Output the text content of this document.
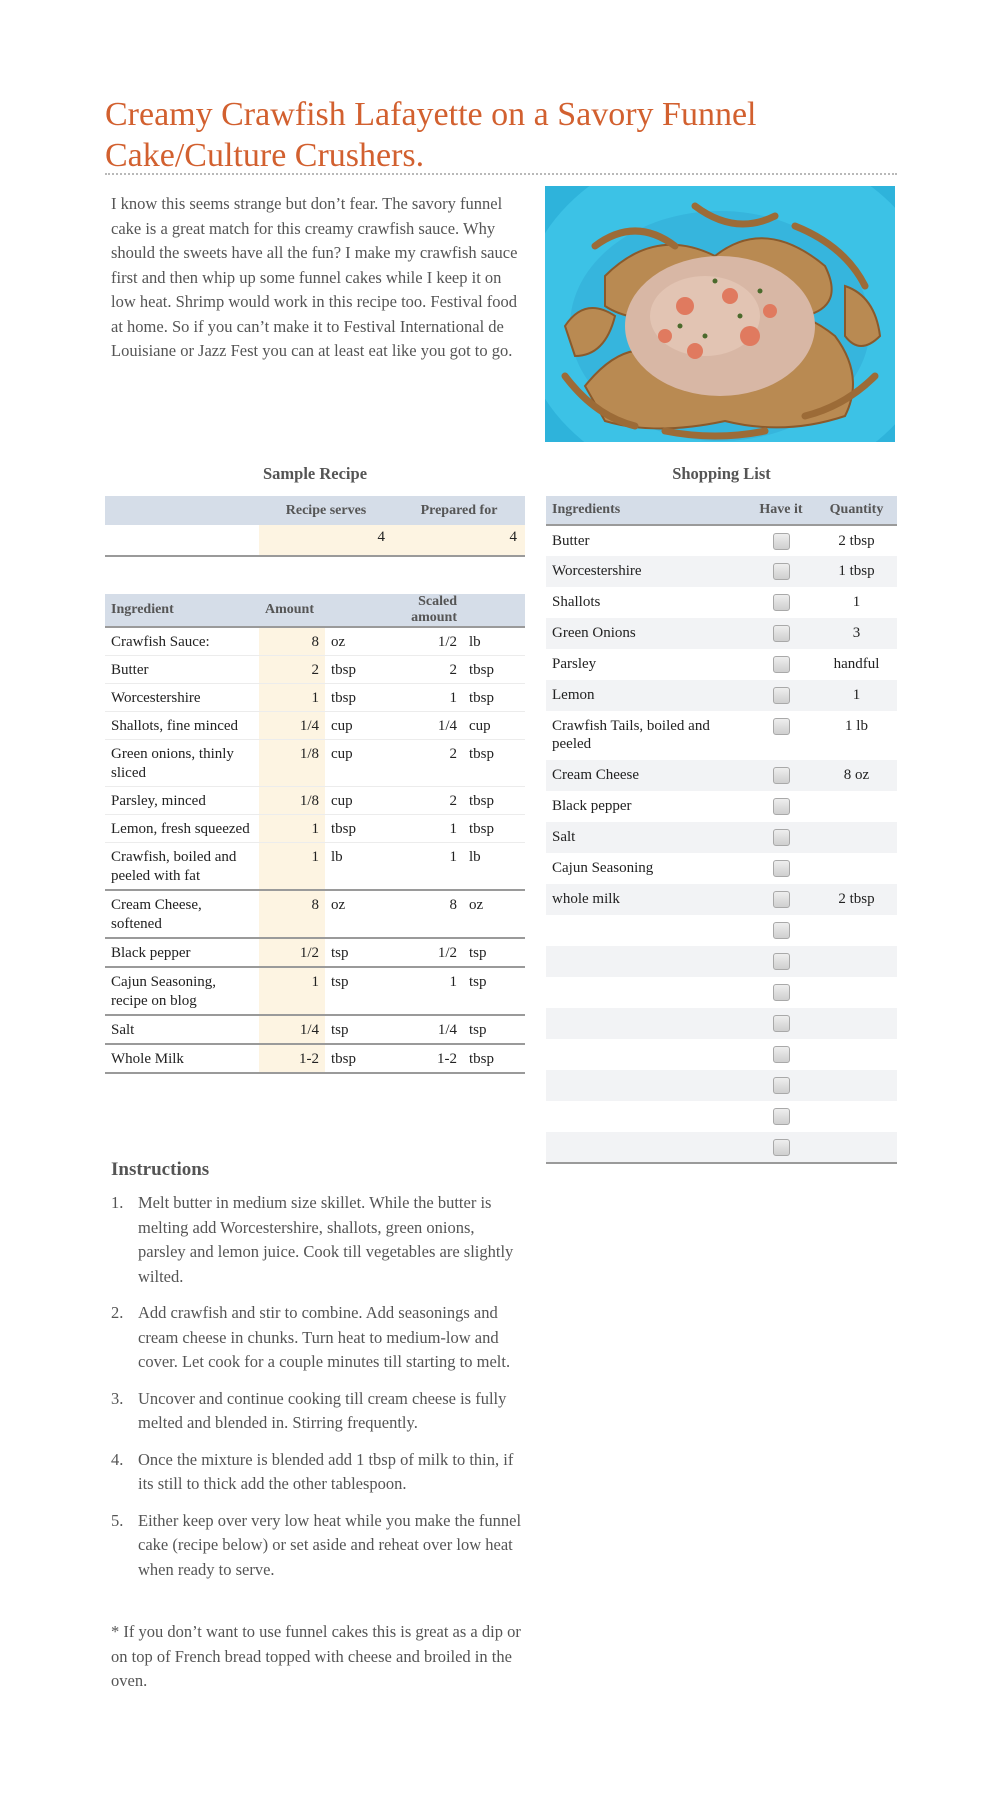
Creamy Crawfish Lafayette on a Savory Funnel Cake/Culture Crushers.

I know this seems strange but don’t fear. The savory funnel cake is a great match for this creamy crawfish sauce. Why should the sweets have all the fun? I make my crawfish sauce first and then whip up some funnel cakes while I keep it on low heat. Shrimp would work in this recipe too. Festival food at home. So if you can’t make it to Festival International de Louisiane or Jazz Fest you can at least eat like you got to go.

Sample Recipe	Shopping List
	Recipe serves	Prepared for
	4	4
Ingredient	Amount		Scaled amount	
Crawfish Sauce:	8	oz	1/2	lb
Butter	2	tbsp	2	tbsp
Worcestershire	1	tbsp	1	tbsp
Shallots, fine minced	1/4	cup	1/4	cup
Green onions, thinly sliced	1/8	cup	2	tbsp
Parsley, minced	1/8	cup	2	tbsp
Lemon, fresh squeezed	1	tbsp	1	tbsp
Crawfish, boiled and peeled with fat	1	lb	1	lb
Cream Cheese, softened	8	oz	8	oz
Black pepper	1/2	tsp	1/2	tsp
Cajun Seasoning, recipe on blog	1	tsp	1	tsp
Salt	1/4	tsp	1/4	tsp
Whole Milk	1-2	tbsp	1-2	tbsp
Ingredients	Have it	Quantity
Butter		2 tbsp
Worcestershire		1 tbsp
Shallots		1
Green Onions		3
Parsley		handful
Lemon		1
Crawfish Tails, boiled and peeled		1 lb
Cream Cheese		8 oz
Black pepper		
Salt		
Cajun Seasoning		
whole milk		2 tbsp

Instructions
1. Melt butter in medium size skillet. While the butter is melting add Worcestershire, shallots, green onions, parsley and lemon juice. Cook till vegetables are slightly wilted.
2. Add crawfish and stir to combine. Add seasonings and cream cheese in chunks. Turn heat to medium-low and cover. Let cook for a couple minutes till starting to melt.
3. Uncover and continue cooking till cream cheese is fully melted and blended in. Stirring frequently.
4. Once the mixture is blended add 1 tbsp of milk to thin, if its still to thick add the other tablespoon.
5. Either keep over very low heat while you make the funnel cake (recipe below) or set aside and reheat over low heat when ready to serve.

* If you don’t want to use funnel cakes this is great as a dip or on top of French bread topped with cheese and broiled in the oven.
